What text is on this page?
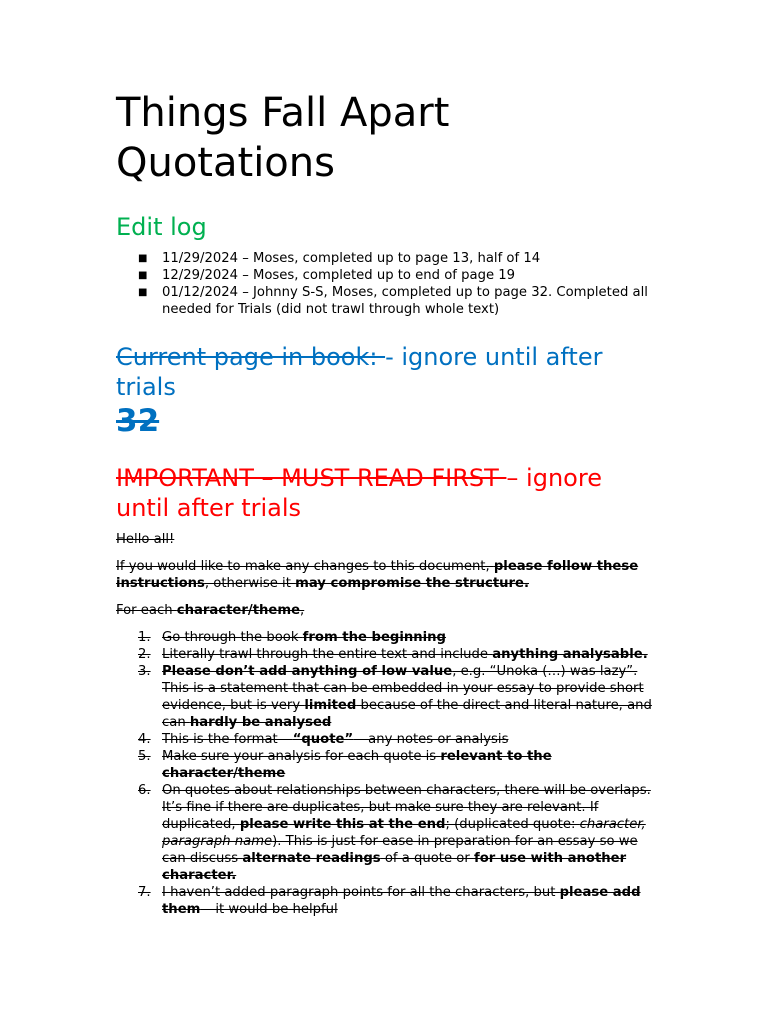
Things Fall Apart
Quotations
Edit log
■ 11/29/2024 – Moses, completed up to page 13, half of 14
■ 12/29/2024 – Moses, completed up to end of page 19
■ 01/12/2024 – Johnny S-S, Moses, completed up to page 32. Completed all needed for Trials (did not trawl through whole text)
Current page in book: - ignore until after trials
32
IMPORTANT – MUST READ FIRST – ignore until after trials

Hello all!

If you would like to make any changes to this document, please follow these instructions, otherwise it may compromise the structure.

For each character/theme,

1. Go through the book from the beginning
2. Literally trawl through the entire text and include anything analysable.
3. Please don’t add anything of low value, e.g. “Unoka (…) was lazy”. This is a statement that can be embedded in your essay to provide short evidence, but is very limited because of the direct and literal nature, and can hardly be analysed
4. This is the format – “quote” – any notes or analysis
5. Make sure your analysis for each quote is relevant to the character/theme
6. On quotes about relationships between characters, there will be overlaps. It’s fine if there are duplicates, but make sure they are relevant. If duplicated, please write this at the end; (duplicated quote: character, paragraph name). This is just for ease in preparation for an essay so we can discuss alternate readings of a quote or for use with another character.
7. I haven’t added paragraph points for all the characters, but please add them – it would be helpful
